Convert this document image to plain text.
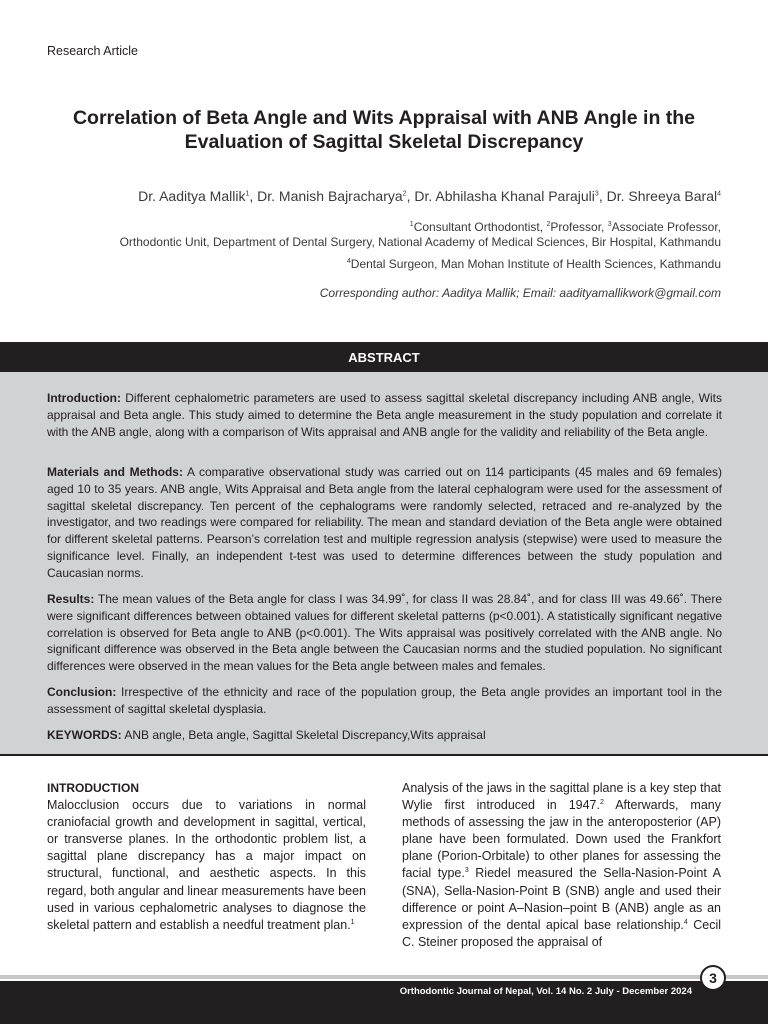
Research Article
Correlation of Beta Angle and Wits Appraisal with ANB Angle in the Evaluation of Sagittal Skeletal Discrepancy
Dr. Aaditya Mallik$^1$, Dr. Manish Bajracharya$^2$, Dr. Abhilasha Khanal Parajuli$^3$, Dr. Shreeya Baral$^4$
$^1$Consultant Orthodontist, $^2$Professor, $^3$Associate Professor,
Orthodontic Unit, Department of Dental Surgery, National Academy of Medical Sciences, Bir Hospital, Kathmandu
$^4$Dental Surgeon, Man Mohan Institute of Health Sciences, Kathmandu
Corresponding author: Aaditya Mallik; Email: aadityamallikwork@gmail.com
ABSTRACT
Introduction: Different cephalometric parameters are used to assess sagittal skeletal discrepancy including ANB angle, Wits appraisal and Beta angle. This study aimed to determine the Beta angle measurement in the study population and correlate it with the ANB angle, along with a comparison of Wits appraisal and ANB angle for the validity and reliability of the Beta angle.
Materials and Methods: A comparative observational study was carried out on 114 participants (45 males and 69 females) aged 10 to 35 years. ANB angle, Wits Appraisal and Beta angle from the lateral cephalogram were used for the assessment of sagittal skeletal discrepancy. Ten percent of the cephalograms were randomly selected, retraced and re-analyzed by the investigator, and two readings were compared for reliability. The mean and standard deviation of the Beta angle were obtained for different skeletal patterns. Pearson’s correlation test and multiple regression analysis (stepwise) were used to measure the significance level. Finally, an independent t-test was used to determine differences between the study population and Caucasian norms.
Results: The mean values of the Beta angle for class I was 34.99˚, for class II was 28.84˚, and for class III was 49.66˚. There were significant differences between obtained values for different skeletal patterns (p<0.001). A statistically significant negative correlation is observed for Beta angle to ANB (p<0.001). The Wits appraisal was positively correlated with the ANB angle. No significant difference was observed in the Beta angle between the Caucasian norms and the studied population. No significant differences were observed in the mean values for the Beta angle between males and females.
Conclusion: Irrespective of the ethnicity and race of the population group, the Beta angle provides an important tool in the assessment of sagittal skeletal dysplasia.
KEYWORDS: ANB angle, Beta angle, Sagittal Skeletal Discrepancy,Wits appraisal
INTRODUCTION
Malocclusion occurs due to variations in normal craniofacial growth and development in sagittal, vertical, or transverse planes. In the orthodontic problem list, a sagittal plane discrepancy has a major impact on structural, functional, and aesthetic aspects. In this regard, both angular and linear measurements have been used in various cephalometric analyses to diagnose the skeletal pattern and establish a needful treatment plan.$^1$
Analysis of the jaws in the sagittal plane is a key step that Wylie first introduced in 1947.$^2$ Afterwards, many methods of assessing the jaw in the anteroposterior (AP) plane have been formulated. Down used the Frankfort plane (Porion-Orbitale) to other planes for assessing the facial type.$^3$ Riedel measured the Sella-Nasion-Point A (SNA), Sella-Nasion-Point B (SNB) angle and used their difference or point A–Nasion–point B (ANB) angle as an expression of the dental apical base relationship.$^4$ Cecil C. Steiner proposed the appraisal of
Orthodontic Journal of Nepal, Vol. 14 No. 2 July - December 2024
3
